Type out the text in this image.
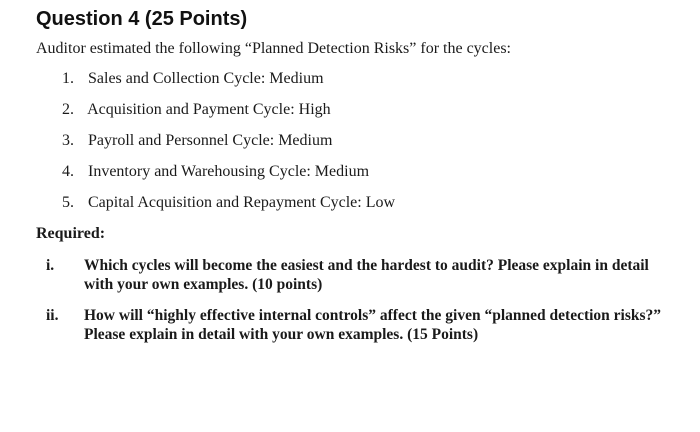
Question 4 (25 Points)
Auditor estimated the following “Planned Detection Risks” for the cycles:
1. Sales and Collection Cycle: Medium
2. Acquisition and Payment Cycle: High
3. Payroll and Personnel Cycle: Medium
4. Inventory and Warehousing Cycle: Medium
5. Capital Acquisition and Repayment Cycle: Low
Required:
i.	Which cycles will become the easiest and the hardest to audit? Please explain in detail
with your own examples. (10 points)
ii.	How will “highly effective internal controls” affect the given “planned detection risks?”
Please explain in detail with your own examples. (15 Points)
